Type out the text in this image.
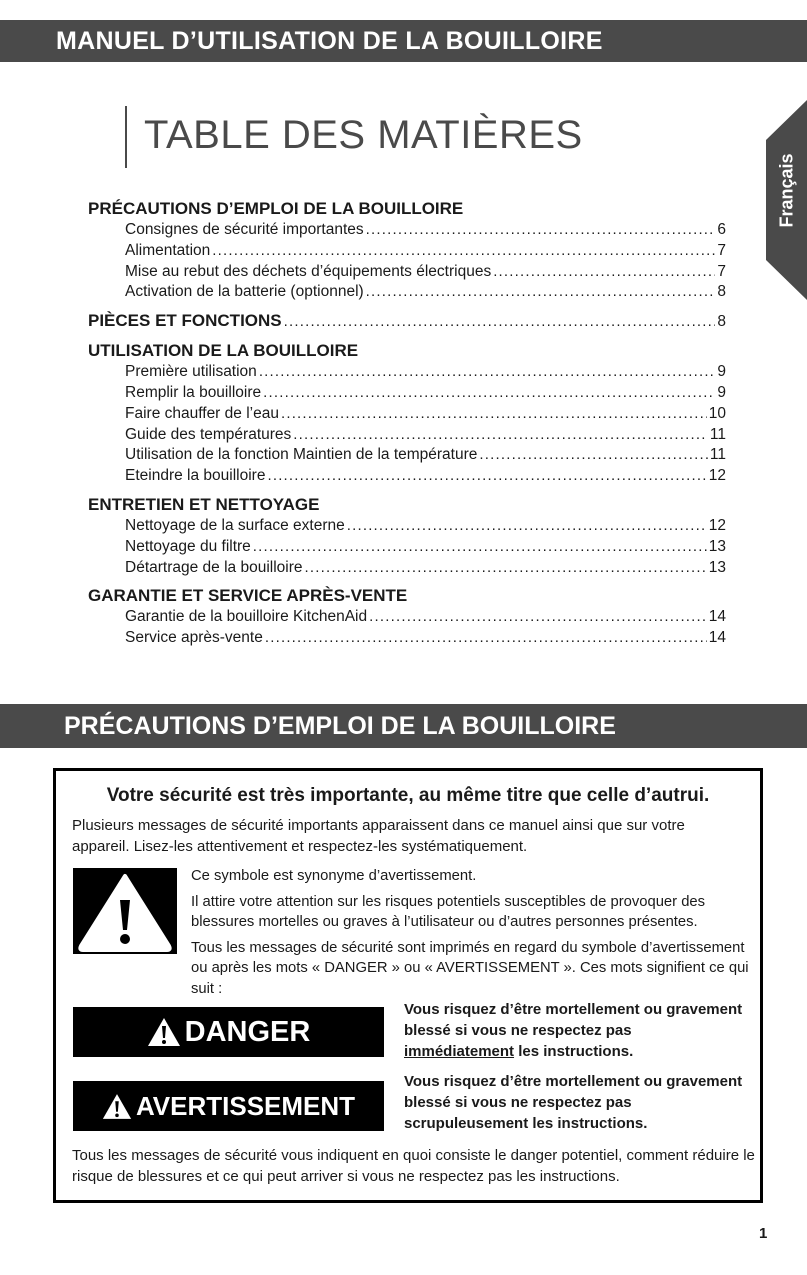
MANUEL D’UTILISATION DE LA BOUILLOIRE
TABLE DES MATIÈRES
PRÉCAUTIONS D’EMPLOI DE LA BOUILLOIRE
Consignes de sécurité importantes .....	6
Alimentation .....	7
Mise au rebut des déchets d’équipements électriques .....	7
Activation de la batterie (optionnel) .....	8
PIÈCES ET FONCTIONS .....	8
UTILISATION DE LA BOUILLOIRE
Première utilisation .....	9
Remplir la bouilloire .....	9
Faire chauffer de l’eau .....	10
Guide des températures .....	11
Utilisation de la fonction Maintien de la température .....	11
Eteindre la bouilloire .....	12
ENTRETIEN ET NETTOYAGE
Nettoyage de la surface externe .....	12
Nettoyage du filtre .....	13
Détartrage de la bouilloire .....	13
GARANTIE ET SERVICE APRÈS-VENTE
Garantie de la bouilloire KitchenAid .....	14
Service après-vente .....	14
PRÉCAUTIONS D’EMPLOI DE LA BOUILLOIRE
Votre sécurité est très importante, au même titre que celle d’autrui.

Plusieurs messages de sécurité importants apparaissent dans ce manuel ainsi que sur votre appareil. Lisez-les attentivement et respectez-les systématiquement.

Ce symbole est synonyme d’avertissement.

Il attire votre attention sur les risques potentiels susceptibles de provoquer des blessures mortelles ou graves à l’utilisateur ou d’autres personnes présentes.

Tous les messages de sécurité sont imprimés en regard du symbole d’avertissement ou après les mots « DANGER » ou « AVERTISSEMENT ». Ces mots signifient ce qui suit :

DANGER
Vous risquez d’être mortellement ou gravement blessé si vous ne respectez pas immédiatement les instructions.
AVERTISSEMENT
Vous risquez d’être mortellement ou gravement blessé si vous ne respectez pas scrupuleusement les instructions.

Tous les messages de sécurité vous indiquent en quoi consiste le danger potentiel, comment réduire le risque de blessures et ce qui peut arriver si vous ne respectez pas les instructions.

1
